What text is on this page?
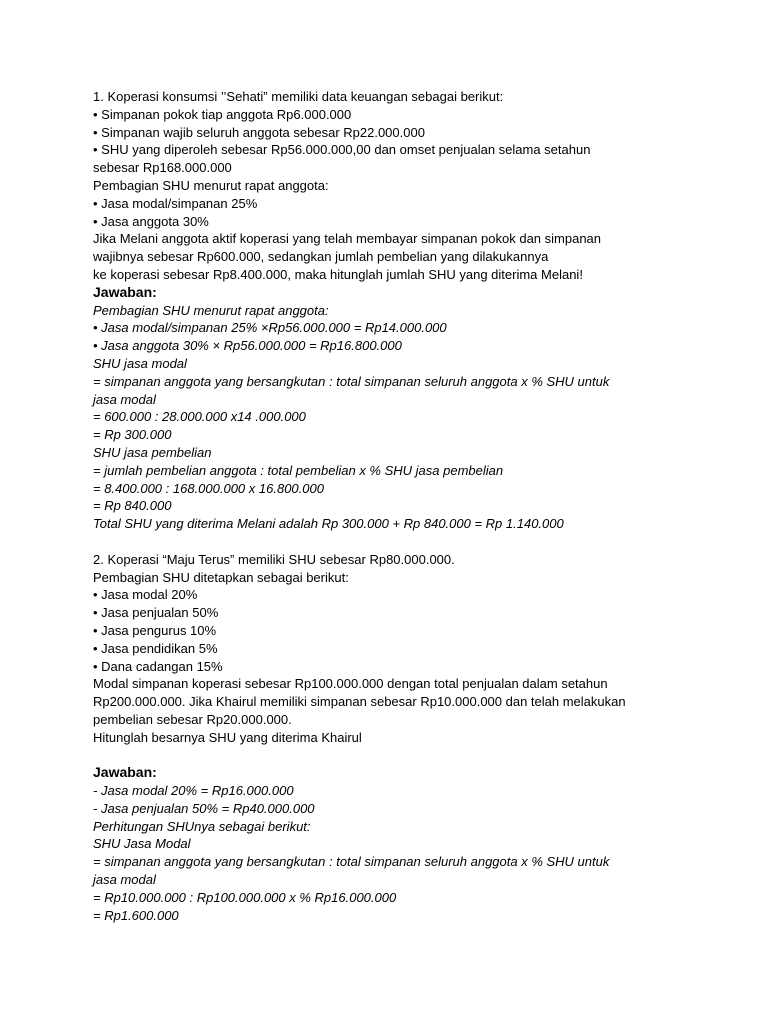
1. Koperasi konsumsi ’’Sehati” memiliki data keuangan sebagai berikut:
• Simpanan pokok tiap anggota Rp6.000.000
• Simpanan wajib seluruh anggota sebesar Rp22.000.000
• SHU yang diperoleh sebesar Rp56.000.000,00 dan omset penjualan selama setahun
sebesar Rp168.000.000
Pembagian SHU menurut rapat anggota:
• Jasa modal/simpanan 25%
• Jasa anggota 30%
Jika Melani anggota aktif koperasi yang telah membayar simpanan pokok dan simpanan
wajibnya sebesar Rp600.000, sedangkan jumlah pembelian yang dilakukannya
ke koperasi sebesar Rp8.400.000, maka hitunglah jumlah SHU yang diterima Melani!
Jawaban:
Pembagian SHU menurut rapat anggota:
• Jasa modal/simpanan 25% ×Rp56.000.000 = Rp14.000.000
• Jasa anggota 30% × Rp56.000.000 = Rp16.800.000
SHU jasa modal
= simpanan anggota yang bersangkutan : total simpanan seluruh anggota x % SHU untuk
jasa modal
= 600.000 : 28.000.000 x14 .000.000
= Rp 300.000
SHU jasa pembelian
= jumlah pembelian anggota : total pembelian x % SHU jasa pembelian
= 8.400.000 : 168.000.000 x 16.800.000
= Rp 840.000
Total SHU yang diterima Melani adalah Rp 300.000 + Rp 840.000 = Rp 1.140.000
2. Koperasi “Maju Terus” memiliki SHU sebesar Rp80.000.000.
Pembagian SHU ditetapkan sebagai berikut:
• Jasa modal 20%
• Jasa penjualan 50%
• Jasa pengurus 10%
• Jasa pendidikan 5%
• Dana cadangan 15%
Modal simpanan koperasi sebesar Rp100.000.000 dengan total penjualan dalam setahun
Rp200.000.000. Jika Khairul memiliki simpanan sebesar Rp10.000.000 dan telah melakukan
pembelian sebesar Rp20.000.000.
Hitunglah besarnya SHU yang diterima Khairul
Jawaban:
- Jasa modal 20% = Rp16.000.000
- Jasa penjualan 50% = Rp40.000.000
Perhitungan SHUnya sebagai berikut:
SHU Jasa Modal
= simpanan anggota yang bersangkutan : total simpanan seluruh anggota x % SHU untuk
jasa modal
= Rp10.000.000 : Rp100.000.000 x % Rp16.000.000
= Rp1.600.000
